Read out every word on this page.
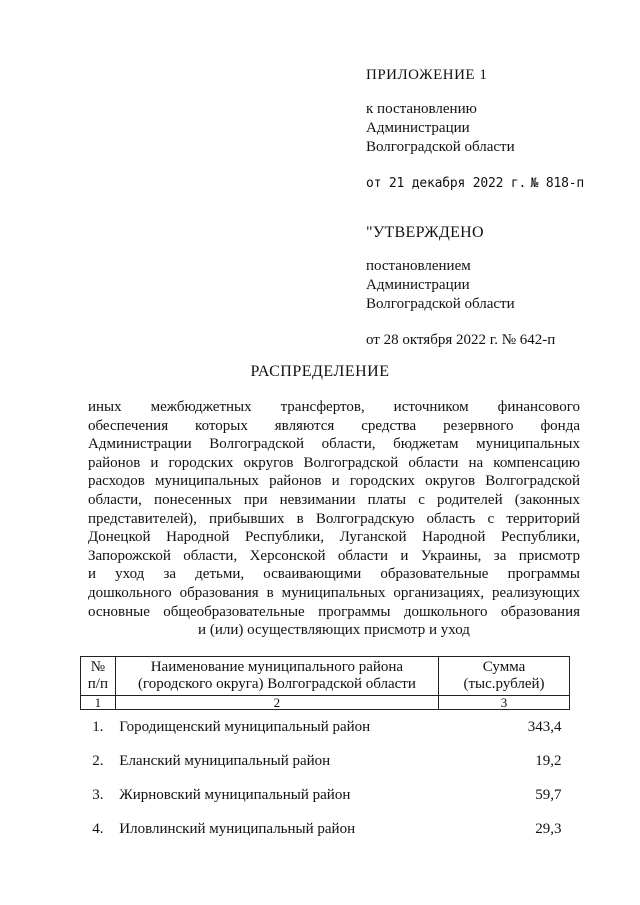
ПРИЛОЖЕНИЕ 1
к постановлению
Администрации
Волгоградской области
от 21 декабря 2022 г. № 818-п
"УТВЕРЖДЕНО
постановлением
Администрации
Волгоградской области
от 28 октября 2022 г. № 642-п
РАСПРЕДЕЛЕНИЕ
иных межбюджетных трансфертов, источником финансового
обеспечения которых являются средства резервного фонда
Администрации Волгоградской области, бюджетам муниципальных
районов и городских округов Волгоградской области на компенсацию
расходов муниципальных районов и городских округов Волгоградской
области, понесенных при невзимании платы с родителей (законных
представителей), прибывших в Волгоградскую область с территорий
Донецкой Народной Республики, Луганской Народной Республики,
Запорожской области, Херсонской области и Украины, за присмотр
и уход за детьми, осваивающими образовательные программы
дошкольного образования в муниципальных организациях, реализующих
основные общеобразовательные программы дошкольного образования
и (или) осуществляющих присмотр и уход
№ п/п	Наименование муниципального района (городского округа) Волгоградской области	Сумма (тыс.рублей)
1	2	3
1.	Городищенский муниципальный район	343,4
2.	Еланский муниципальный район	19,2
3.	Жирновский муниципальный район	59,7
4.	Иловлинский муниципальный район	29,3
